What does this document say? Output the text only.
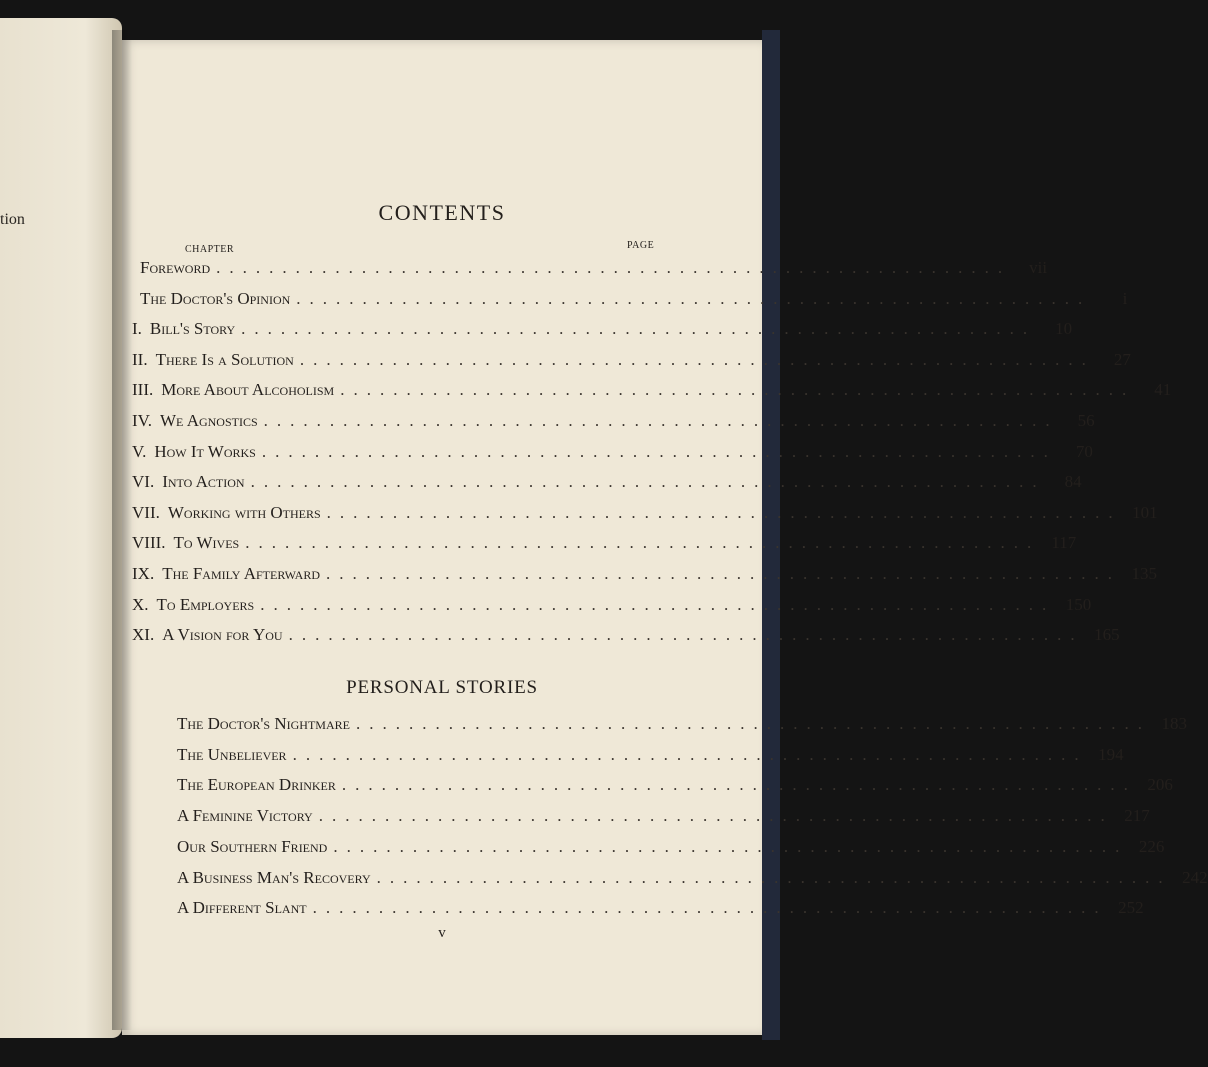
tion	CONTENTS
CHAPTER	PAGE
Foreword ............................................................	vii
The Doctor's Opinion ............................................................	i
I. Bill's Story ............................................................	10
II. There Is a Solution ............................................................	27
III. More About Alcoholism ............................................................	41
IV. We Agnostics ............................................................	56
V. How It Works ............................................................	70
VI. Into Action ............................................................	84
VII. Working with Others ............................................................ 101
VIII. To Wives ............................................................ 117
IX. The Family Afterward ............................................................ 135
X. To Employers ............................................................ 150
XI. A Vision for You ............................................................ 165
The Doctor's Nightmare ............................................................ 183
The Unbeliever ............................................................ 194
The European Drinker ............................................................ 206
A Feminine Victory ............................................................ 217
Our Southern Friend ............................................................ 226
A Business Man's Recovery ............................................................ 242
A Different Slant ............................................................ 252
PERSONAL STORIES
v
